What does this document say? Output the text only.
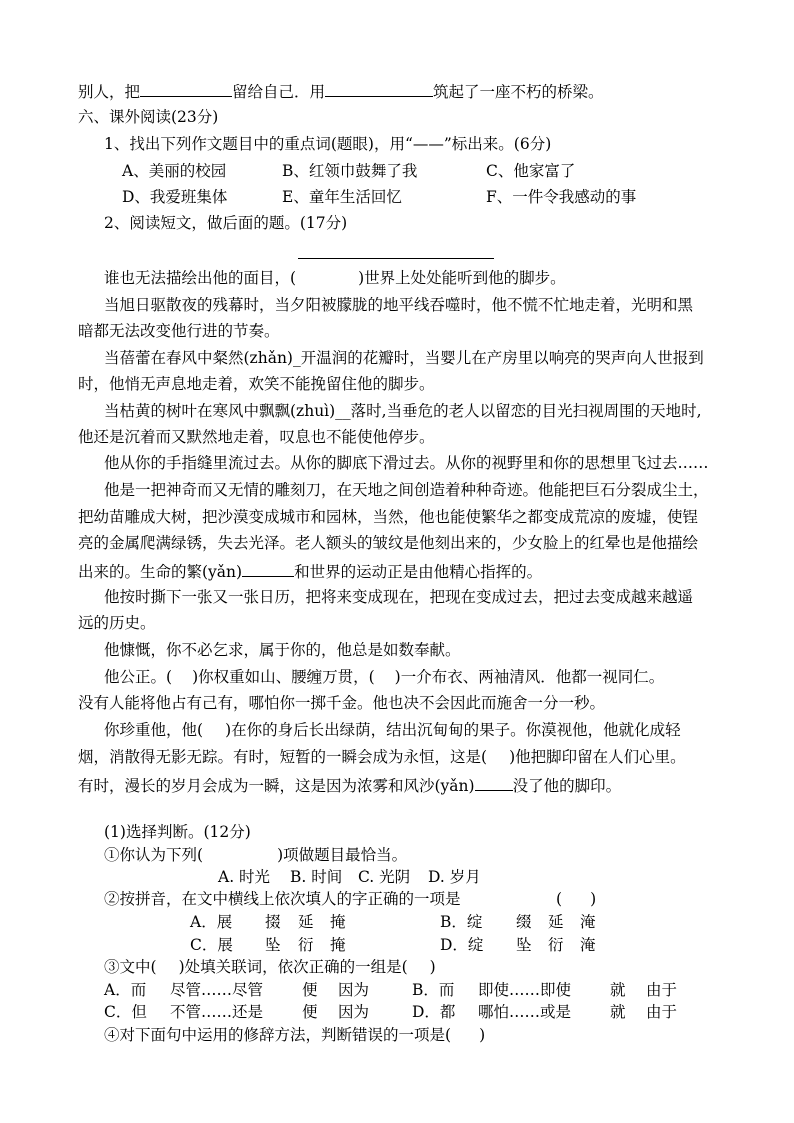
别人，把	留给自己．用	筑起了一座不朽的桥梁。
六、课外阅读(23分)
1、找出下列作文题目中的重点词(题眼)，用“——”标出来。(6分)
A、美丽的校园	B、红领巾鼓舞了我	C、他家富了
D、我爱班集体	E、童年生活回忆	F、一件令我感动的事
2、阅读短文，做后面的题。(17分)
谁也无法描绘出他的面目，(	)世界上处处能听到他的脚步。
当旭日驱散夜的残幕时，当夕阳被朦胧的地平线吞噬时，他不慌不忙地走着，光明和黑
暗都无法改变他行进的节奏。
当蓓蕾在春风中粲然(zhǎn)_开温润的花瓣时，当婴儿在产房里以响亮的哭声向人世报到
时，他悄无声息地走着，欢笑不能挽留住他的脚步。
当枯黄的树叶在寒风中飘飘(zhuì)__落时,当垂危的老人以留恋的目光扫视周围的天地时,
他还是沉着而又默然地走着，叹息也不能使他停步。
他从你的手指缝里流过去。从你的脚底下滑过去。从你的视野里和你的思想里飞过去……
他是一把神奇而又无情的雕刻刀，在天地之间创造着种种奇迹。他能把巨石分裂成尘土，
把幼苗雕成大树，把沙漠变成城市和园林，当然，他也能使繁华之都变成荒凉的废墟，使锃
亮的金属爬满绿锈，失去光泽。老人额头的皱纹是他刻出来的，少女脸上的红晕也是他描绘
出来的。生命的繁(yǎn)	和世界的运动正是由他精心指挥的。
他按时撕下一张又一张日历，把将来变成现在，把现在变成过去，把过去变成越来越遥
远的历史。
他慷慨，你不必乞求，属于你的，他总是如数奉献。
他公正。( )你权重如山、腰缠万贯，( )一介布衣、两袖清风．他都一视同仁。
没有人能将他占有己有，哪怕你一掷千金。他也决不会因此而施舍一分一秒。
你珍重他，他( )在你的身后长出绿荫，结出沉甸甸的果子。你漠视他，他就化成轻
烟，消散得无影无踪。有时，短暂的一瞬会成为永恒，这是( )他把脚印留在人们心里。
有时，漫长的岁月会成为一瞬，这是因为浓雾和风沙(yǎn) 没了他的脚印。
(1)选择判断。(12分)
①你认为下列(	)项做题目最恰当。
A. 时光 B. 时间 C. 光阴 D. 岁月
②按拼音，在文中横线上依次填人的字正确的一项是	( )
A．展 掇 延 掩	B．绽 缀 延 淹
C．展 坠 衍 掩	D．绽 坠 衍 淹
③文中( )处填关联词，依次正确的一组是( )
A．而 尽管……尽管	便 因为	B．而 即使……即使	就 由于
C．但 不管……还是	便 因为	D．都 哪怕……或是	就 由于
④对下面句中运用的修辞方法，判断错误的一项是( )
